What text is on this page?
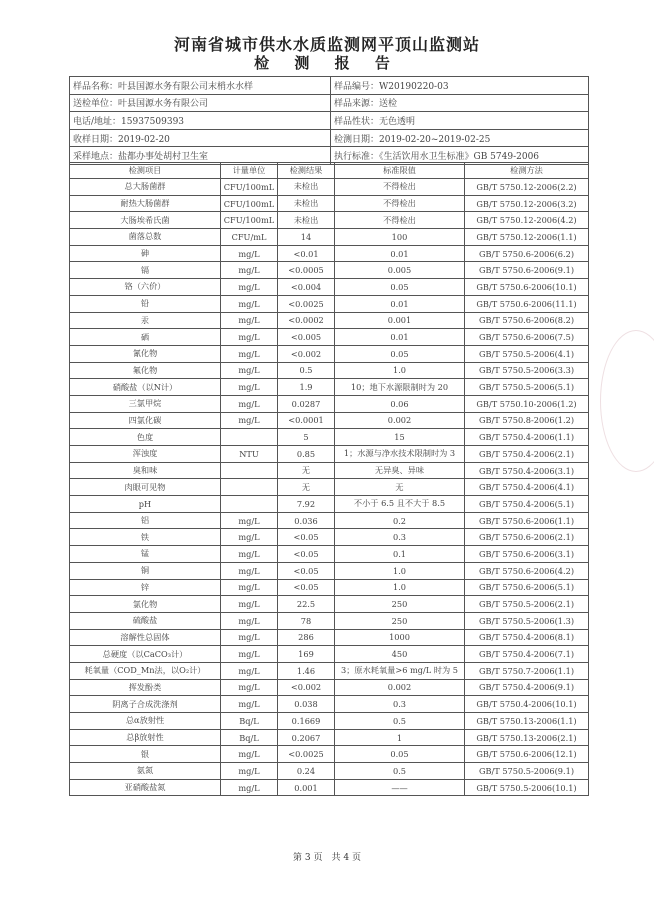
河南省城市供水水质监测网平顶山监测站
检 测 报 告
样品名称：叶县国源水务有限公司末梢水水样	样品编号：W20190220-03
送检单位：叶县国源水务有限公司	样品来源：送检
电话/地址：15937509393	样品性状：无色透明
收样日期：2019-02-20	检测日期：2019-02-20~2019-02-25
采样地点：盐都办事处胡村卫生室	执行标准：《生活饮用水卫生标准》GB 5749-2006
检测项目	计量单位	检测结果	标准限值	检测方法
总大肠菌群	CFU/100mL	未检出	不得检出	GB/T 5750.12-2006(2.2)
耐热大肠菌群	CFU/100mL	未检出	不得检出	GB/T 5750.12-2006(3.2)
大肠埃希氏菌	CFU/100mL	未检出	不得检出	GB/T 5750.12-2006(4.2)
菌落总数	CFU/mL	14	100	GB/T 5750.12-2006(1.1)
砷	mg/L	<0.01	0.01	GB/T 5750.6-2006(6.2)
镉	mg/L	<0.0005	0.005	GB/T 5750.6-2006(9.1)
铬（六价）	mg/L	<0.004	0.05	GB/T 5750.6-2006(10.1)
铅	mg/L	<0.0025	0.01	GB/T 5750.6-2006(11.1)
汞	mg/L	<0.0002	0.001	GB/T 5750.6-2006(8.2)
硒	mg/L	<0.005	0.01	GB/T 5750.6-2006(7.5)
氰化物	mg/L	<0.002	0.05	GB/T 5750.5-2006(4.1)
氟化物	mg/L	0.5	1.0	GB/T 5750.5-2006(3.3)
硝酸盐（以N计）	mg/L	1.9	10；地下水源限制时为 20	GB/T 5750.5-2006(5.1)
三氯甲烷	mg/L	0.0287	0.06	GB/T 5750.10-2006(1.2)
四氯化碳	mg/L	<0.0001	0.002	GB/T 5750.8-2006(1.2)
色度		5	15	GB/T 5750.4-2006(1.1)
浑浊度	NTU	0.85	1；水源与净水技术限制时为 3	GB/T 5750.4-2006(2.1)
臭和味		无	无异臭、异味	GB/T 5750.4-2006(3.1)
肉眼可见物		无	无	GB/T 5750.4-2006(4.1)
pH		7.92	不小于 6.5 且不大于 8.5	GB/T 5750.4-2006(5.1)
铝	mg/L	0.036	0.2	GB/T 5750.6-2006(1.1)
铁	mg/L	<0.05	0.3	GB/T 5750.6-2006(2.1)
锰	mg/L	<0.05	0.1	GB/T 5750.6-2006(3.1)
铜	mg/L	<0.05	1.0	GB/T 5750.6-2006(4.2)
锌	mg/L	<0.05	1.0	GB/T 5750.6-2006(5.1)
氯化物	mg/L	22.5	250	GB/T 5750.5-2006(2.1)
硫酸盐	mg/L	78	250	GB/T 5750.5-2006(1.3)
溶解性总固体	mg/L	286	1000	GB/T 5750.4-2006(8.1)
总硬度（以CaCO₃计）	mg/L	169	450	GB/T 5750.4-2006(7.1)
耗氧量（COD_Mn法，以O₂计）	mg/L	1.46	3；原水耗氧量>6 mg/L 时为 5	GB/T 5750.7-2006(1.1)
挥发酚类	mg/L	<0.002	0.002	GB/T 5750.4-2006(9.1)
阴离子合成洗涤剂	mg/L	0.038	0.3	GB/T 5750.4-2006(10.1)
总α放射性	Bq/L	0.1669	0.5	GB/T 5750.13-2006(1.1)
总β放射性	Bq/L	0.2067	1	GB/T 5750.13-2006(2.1)
银	mg/L	<0.0025	0.05	GB/T 5750.6-2006(12.1)
氨氮	mg/L	0.24	0.5	GB/T 5750.5-2006(9.1)
亚硝酸盐氮	mg/L	0.001	——	GB/T 5750.5-2006(10.1)
第 3 页　共 4 页
